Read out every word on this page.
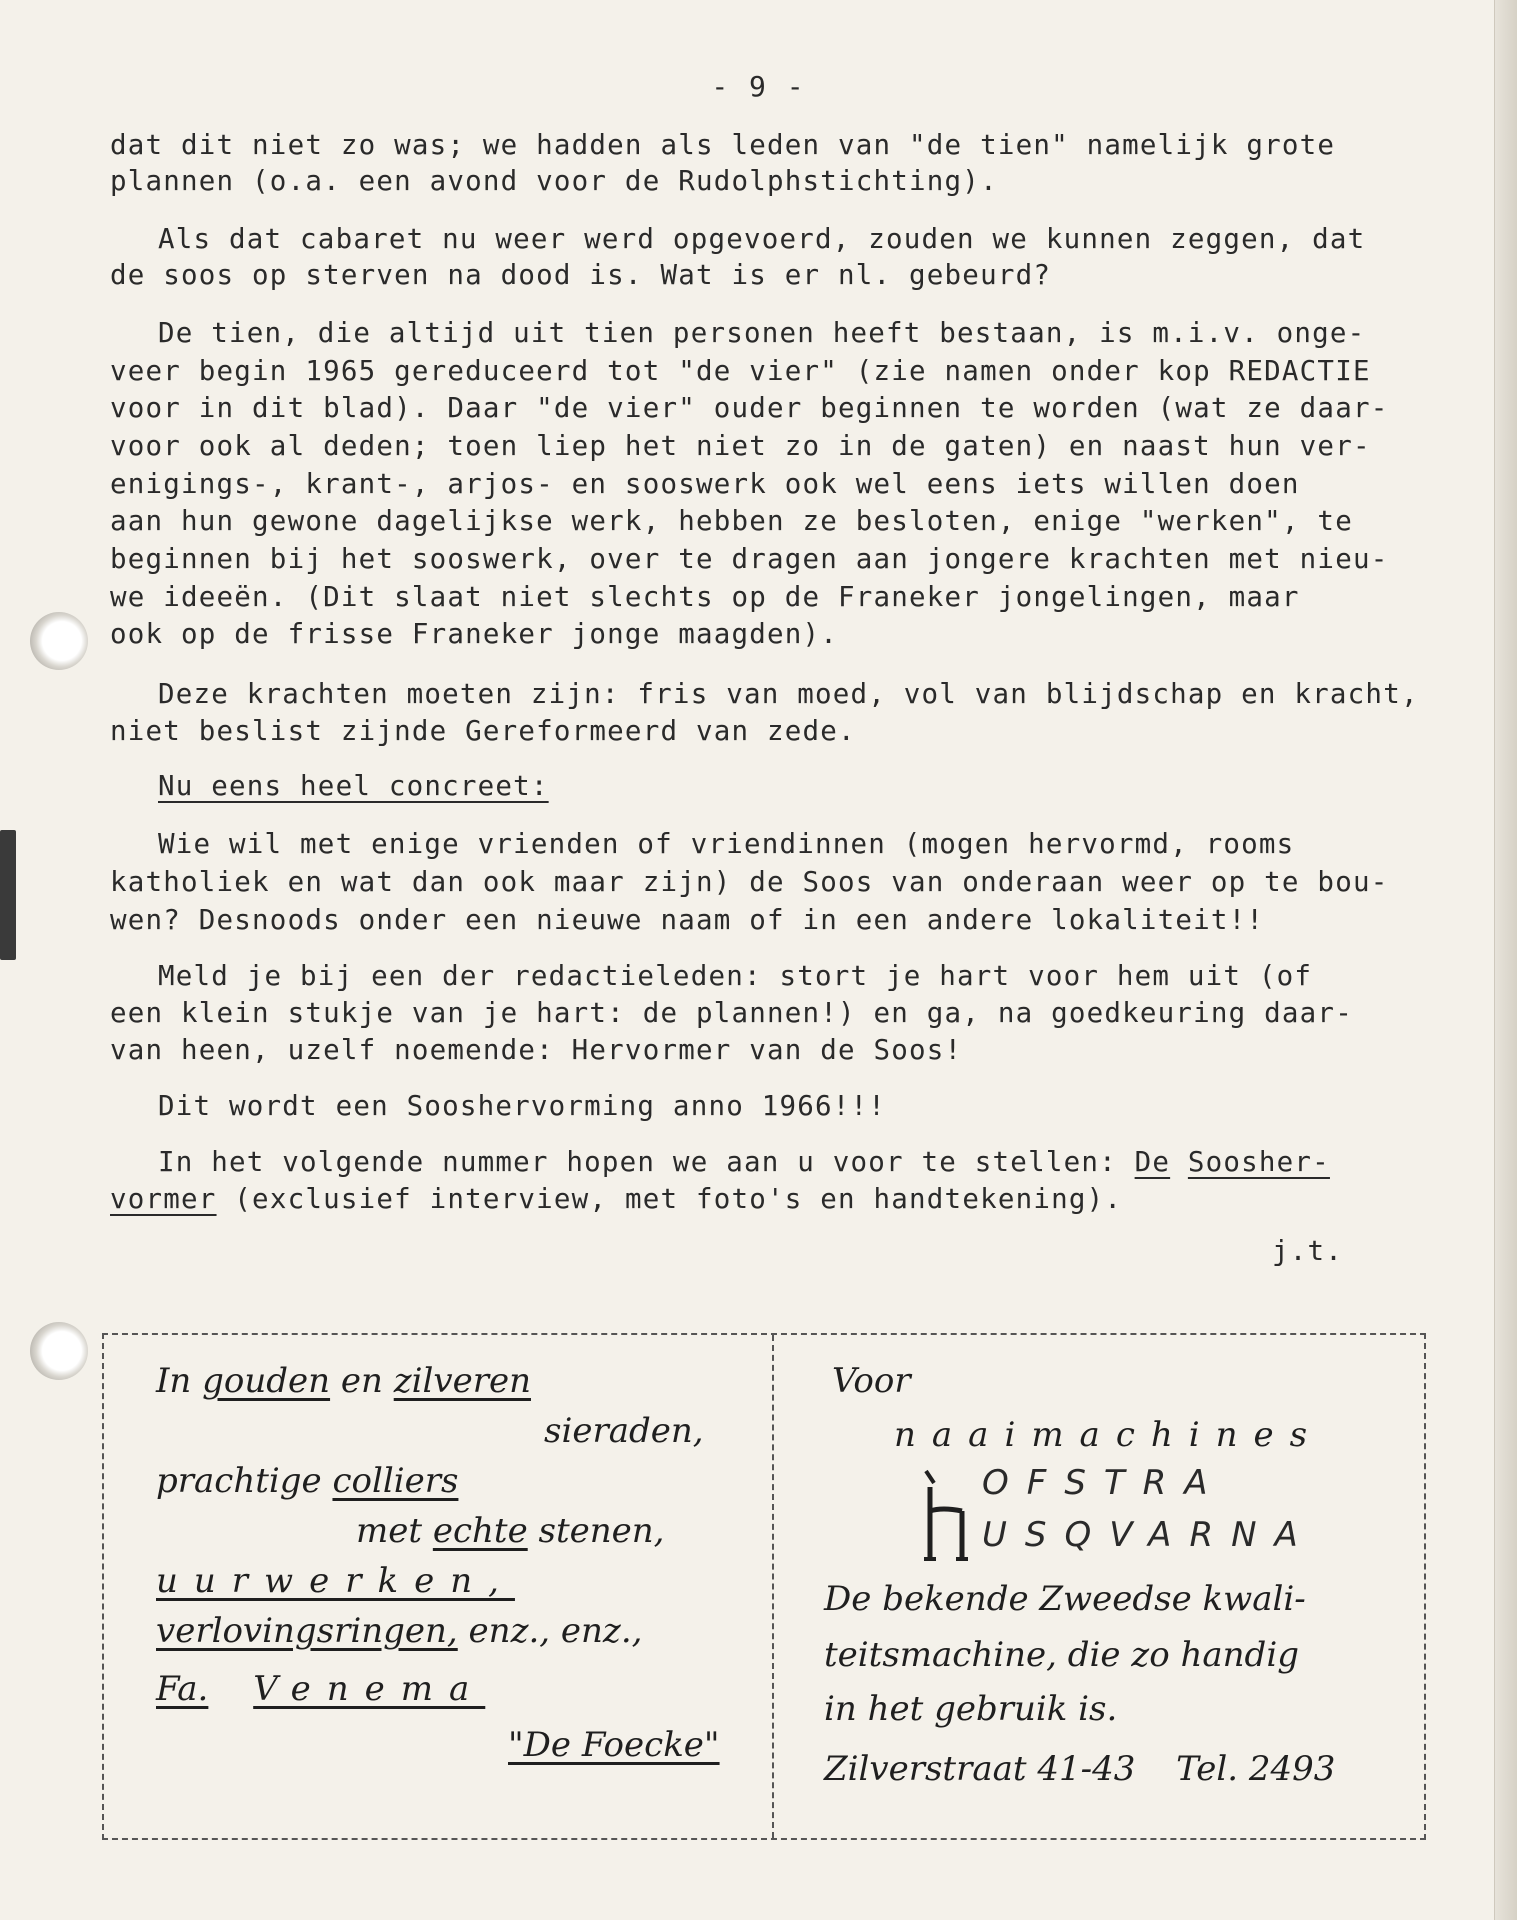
- 9 -
dat dit niet zo was; we hadden als leden van "de tien" namelijk grote
plannen (o.a. een avond voor de Rudolphstichting).
Als dat cabaret nu weer werd opgevoerd, zouden we kunnen zeggen, dat
de soos op sterven na dood is. Wat is er nl. gebeurd?
De tien, die altijd uit tien personen heeft bestaan, is m.i.v. onge-
veer begin 1965 gereduceerd tot "de vier" (zie namen onder kop REDACTIE
voor in dit blad). Daar "de vier" ouder beginnen te worden (wat ze daar-
voor ook al deden; toen liep het niet zo in de gaten) en naast hun ver-
enigings-, krant-, arjos- en sooswerk ook wel eens iets willen doen
aan hun gewone dagelijkse werk, hebben ze besloten, enige "werken", te
beginnen bij het sooswerk, over te dragen aan jongere krachten met nieu-
we ideeën. (Dit slaat niet slechts op de Franeker jongelingen, maar
ook op de frisse Franeker jonge maagden).
Deze krachten moeten zijn: fris van moed, vol van blijdschap en kracht,
niet beslist zijnde Gereformeerd van zede.
Nu eens heel concreet:
Wie wil met enige vrienden of vriendinnen (mogen hervormd, rooms
katholiek en wat dan ook maar zijn) de Soos van onderaan weer op te bou-
wen? Desnoods onder een nieuwe naam of in een andere lokaliteit!!
Meld je bij een der redactieleden: stort je hart voor hem uit (of
een klein stukje van je hart: de plannen!) en ga, na goedkeuring daar-
van heen, uzelf noemende: Hervormer van de Soos!
Dit wordt een Sooshervorming anno 1966!!!
In het volgende nummer hopen we aan u voor te stellen: De Soosher-
vormer (exclusief interview, met foto's en handtekening).
j.t.
In gouden en zilveren
sieraden,
prachtige colliers
met echte stenen,
uurwerken,
verlovingsringen, enz., enz.,
Fa. Venema
"De Foecke"
Voor
naaimachines
OFSTRA
USQVARNA
De bekende Zweedse kwali-
teitsmachine, die zo handig
in het gebruik is.
Zilverstraat 41-43 Tel. 2493
